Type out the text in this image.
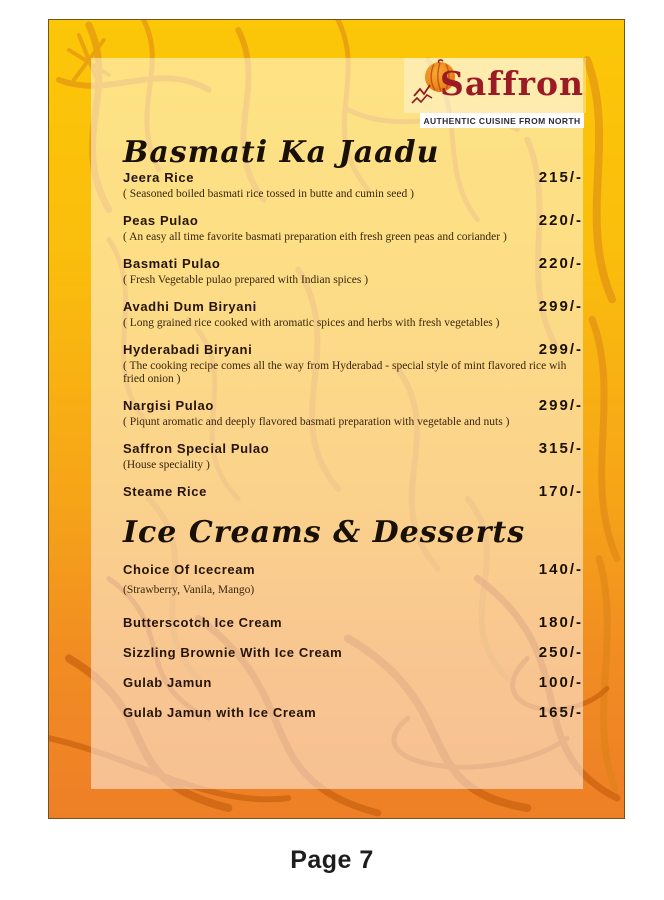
Saffron
AUTHENTIC CUISINE FROM NORTH
Basmati Ka Jaadu
Jeera Rice	215/-
( Seasoned boiled basmati rice tossed in butte and cumin seed )
Peas Pulao	220/-
( An easy all time favorite basmati preparation eith fresh green peas and coriander )
Basmati Pulao	220/-
( Fresh Vegetable pulao prepared with Indian spices )
Avadhi Dum Biryani	299/-
( Long grained rice cooked with aromatic spices and herbs with fresh vegetables )
Hyderabadi Biryani	299/-
( The cooking recipe comes all the way from Hyderabad - special style of mint flavored rice wih fried onion )
Nargisi Pulao	299/-
( Piqunt aromatic and deeply flavored basmati preparation with vegetable and nuts )
Saffron Special Pulao	315/-
(House speciality )
Steame Rice	170/-
Ice Creams & Desserts
Choice Of Icecream	140/-
(Strawberry, Vanila, Mango)
Butterscotch Ice Cream	180/-
Sizzling Brownie With Ice Cream	250/-
Gulab Jamun	100/-
Gulab Jamun with Ice Cream	165/-
Page 7
